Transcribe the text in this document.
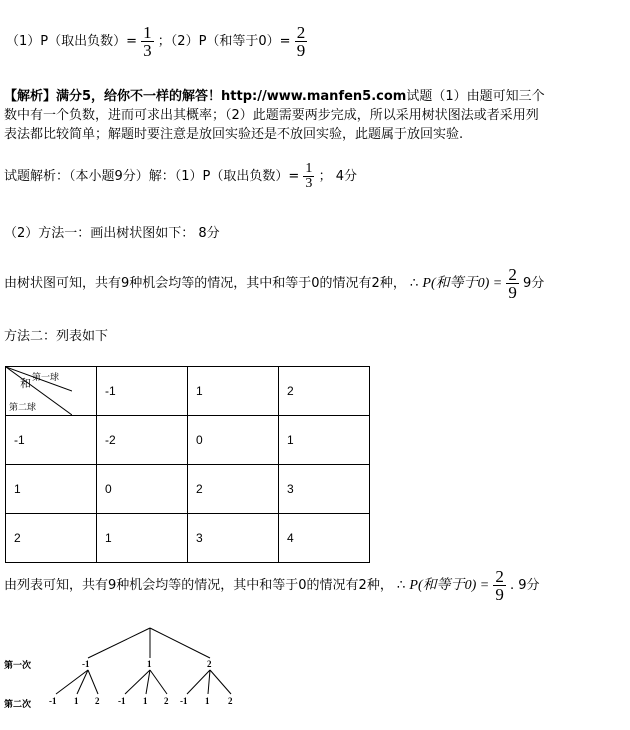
（1）P（取出负数）= $\frac{1}{3}$ ；（2）P（和等于$0)= \frac{2}{9}$
【解析】满分5，给你不一样的解答！http://www.manfen5.com试题（1）由题可知三个
数中有一个负数，进而可求出其概率；（2）此题需要两步完成，所以采用树状图法或者采用列
表法都比较简单；解题时要注意是放回实验还是不放回实验，此题属于放回实验.
试题解析：（本小题9分）解：（1）P（取出负数）= $\frac{1}{3}$ ； 4分
（2）方法一：画出树状图如下： 8分
由树状图可知，共有9种机会均等的情况，其中和等于0的情况有2种， ∴ P(和等于$0) = \frac{2}{9} 9$分
方法二：列表如下
第一球
和
第二球	-1	1	2
-1	-2	0	1
1	0	2	3
2	1	3	4
由列表可知，共有9种机会均等的情况，其中和等于0的情况有2种， ∴ P(和等于$0) = \frac{2}{9}$ . 9分
第一次
第二次
-1	1	2
-1 1 2 -1 1 2 -1 1 2
